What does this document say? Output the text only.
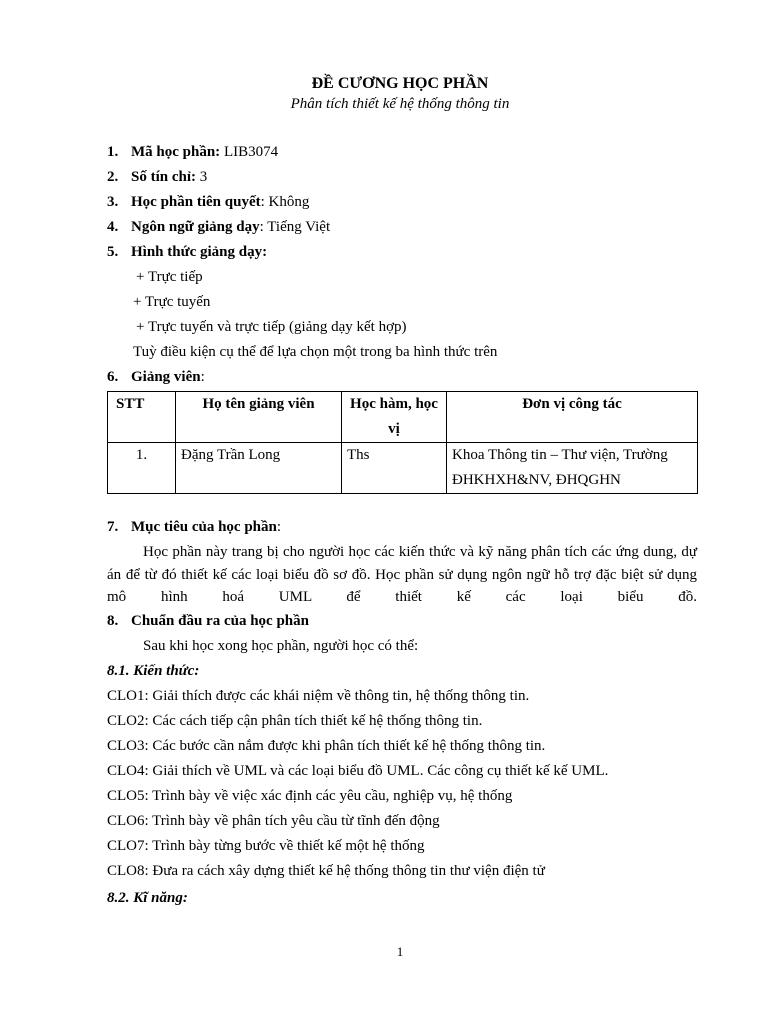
ĐỀ CƯƠNG HỌC PHẦN
Phân tích thiết kế hệ thống thông tin
1. Mã học phần: LIB3074
2. Số tín chỉ: 3
3. Học phần tiên quyết: Không
4. Ngôn ngữ giảng dạy: Tiếng Việt
5. Hình thức giảng dạy:
+ Trực tiếp
+ Trực tuyến
+ Trực tuyến và trực tiếp (giảng dạy kết hợp)
Tuỳ điều kiện cụ thể để lựa chọn một trong ba hình thức trên
6. Giảng viên:
STT	Họ tên giảng viên	Học hàm, học vị	Đơn vị công tác
1.	Đặng Trần Long	Ths	Khoa Thông tin – Thư viện, Trường ĐHKHXH&NV, ĐHQGHN
7. Mục tiêu của học phần:
Học phần này trang bị cho người học các kiến thức và kỹ năng phân tích các ứng dung, dự án để từ đó thiết kế các loại biểu đồ sơ đồ. Học phần sử dụng ngôn ngữ hỗ trợ đặc biệt sử dụng mô hình hoá UML để thiết kế các loại biểu đồ.
8. Chuẩn đầu ra của học phần
Sau khi học xong học phần, người học có thể:
8.1. Kiến thức:
CLO1: Giải thích được các khái niệm về thông tin, hệ thống thông tin.
CLO2: Các cách tiếp cận phân tích thiết kế hệ thống thông tin.
CLO3: Các bước cần nắm được khi phân tích thiết kế hệ thống thông tin.
CLO4: Giải thích về UML và các loại biểu đồ UML. Các công cụ thiết kế kế UML.
CLO5: Trình bày về việc xác định các yêu cầu, nghiệp vụ, hệ thống
CLO6: Trình bày về phân tích yêu cầu từ tĩnh đến động
CLO7: Trình bày từng bước về thiết kế một hệ thống
CLO8: Đưa ra cách xây dựng thiết kế hệ thống thông tin thư viện điện tử
8.2. Kĩ năng:
1
